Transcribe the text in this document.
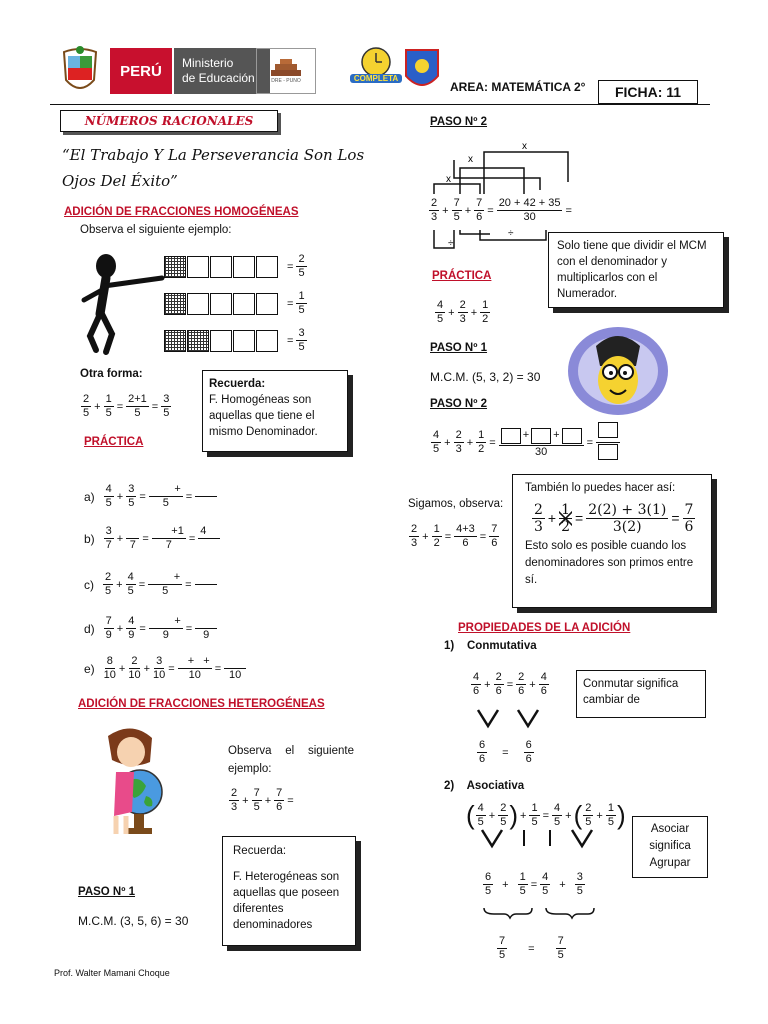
PERÚ Ministerio
de Educación	DRE - PUNO	COMPLETA
AREA: MATEMÁTICA 2° FICHA: 11
NÚMEROS RACIONALES
“El Trabajo Y La Perseverancia Son Los
Ojos Del Éxito”
ADICIÓN DE FRACCIONES HOMOGÉNEAS
Observa el siguiente ejemplo:
= $\frac{2}{5}$
= $\frac{1}{5}$
= $\frac{3}{5}$
Otra forma:
$\frac{2}{5} + \frac{1}{5} = \frac{2+1}{5} = \frac{3}{5}$
Recuerda:
F. Homogéneas son aquellas que tiene el mismo Denominador.
PRÁCTICA
ADICIÓN DE FRACCIONES HETEROGÉNEAS
Observa el siguiente ejemplo:
$\frac{2}{3} + \frac{7}{5} + \frac{7}{6}$ =
Recuerda:
F. Heterogéneas son aquellas que poseen diferentes denominadores
PASO Nº 1
M.C.M. (3, 5, 6) = 30
Prof. Walter Mamani Choque
PASO Nº 2
x
x
x
÷
÷
$\frac{2}{3} + \frac{7}{5} + \frac{7}{6} = \frac{20 + 42 + 35}{30}$ =
Solo tiene que dividir el MCM con el denominador y multiplicarlos con el Numerador.
PRÁCTICA
$\frac{4}{5} + \frac{2}{3} + \frac{1}{2}$
PASO Nº 1
M.C.M. (5, 3, 2) = 30
PASO Nº 2
$\frac{4}{5} + \frac{2}{3} + \frac{1}{2} = \frac{+ +}{30}$ =
Sigamos, observa:
$\frac{2}{3} + \frac{1}{2} = \frac{4+3}{6} = \frac{7}{6}$
También lo puedes hacer así:
$\frac{2}{3} + \frac{1}{2} = \frac{2(2) + 3(1)}{3(2)} = \frac{7}{6}$
Esto solo es posible cuando los denominadores son primos entre sí.
PROPIEDADES DE LA ADICIÓN
1)    Conmutativa
$\frac{4}{6} + \frac{2}{6} = \frac{2}{6} + \frac{4}{6}$
$\frac{6}{6} = \frac{6}{6}$
Conmutar significa cambiar de
2)    Asociativa
( $\frac{4}{5} + \frac{2}{5}$ ) + $\frac{1}{5} = \frac{4}{5}$ + ( $\frac{2}{5} + \frac{1}{5}$ )
$\frac{6}{5} + \frac{1}{5} = \frac{4}{5} + \frac{3}{5}$
$\frac{7}{5} = \frac{7}{5}$
Asociar significa Agrupar
$a) \frac{4}{5} + \frac{3}{5} = \frac{+}{5}$ =

$b) \frac{3}{7}$ +

7
= $\frac{+1}{7}$ =
4

$c) \frac{2}{5} + \frac{4}{5} = \frac{+}{5}$ =

$d) \frac{7}{9} + \frac{4}{9} = \frac{+}{9}$ =

9
$e) \frac{8}{10} + \frac{2}{10} + \frac{3}{10} = \frac{+ +}{10}$ =

10
